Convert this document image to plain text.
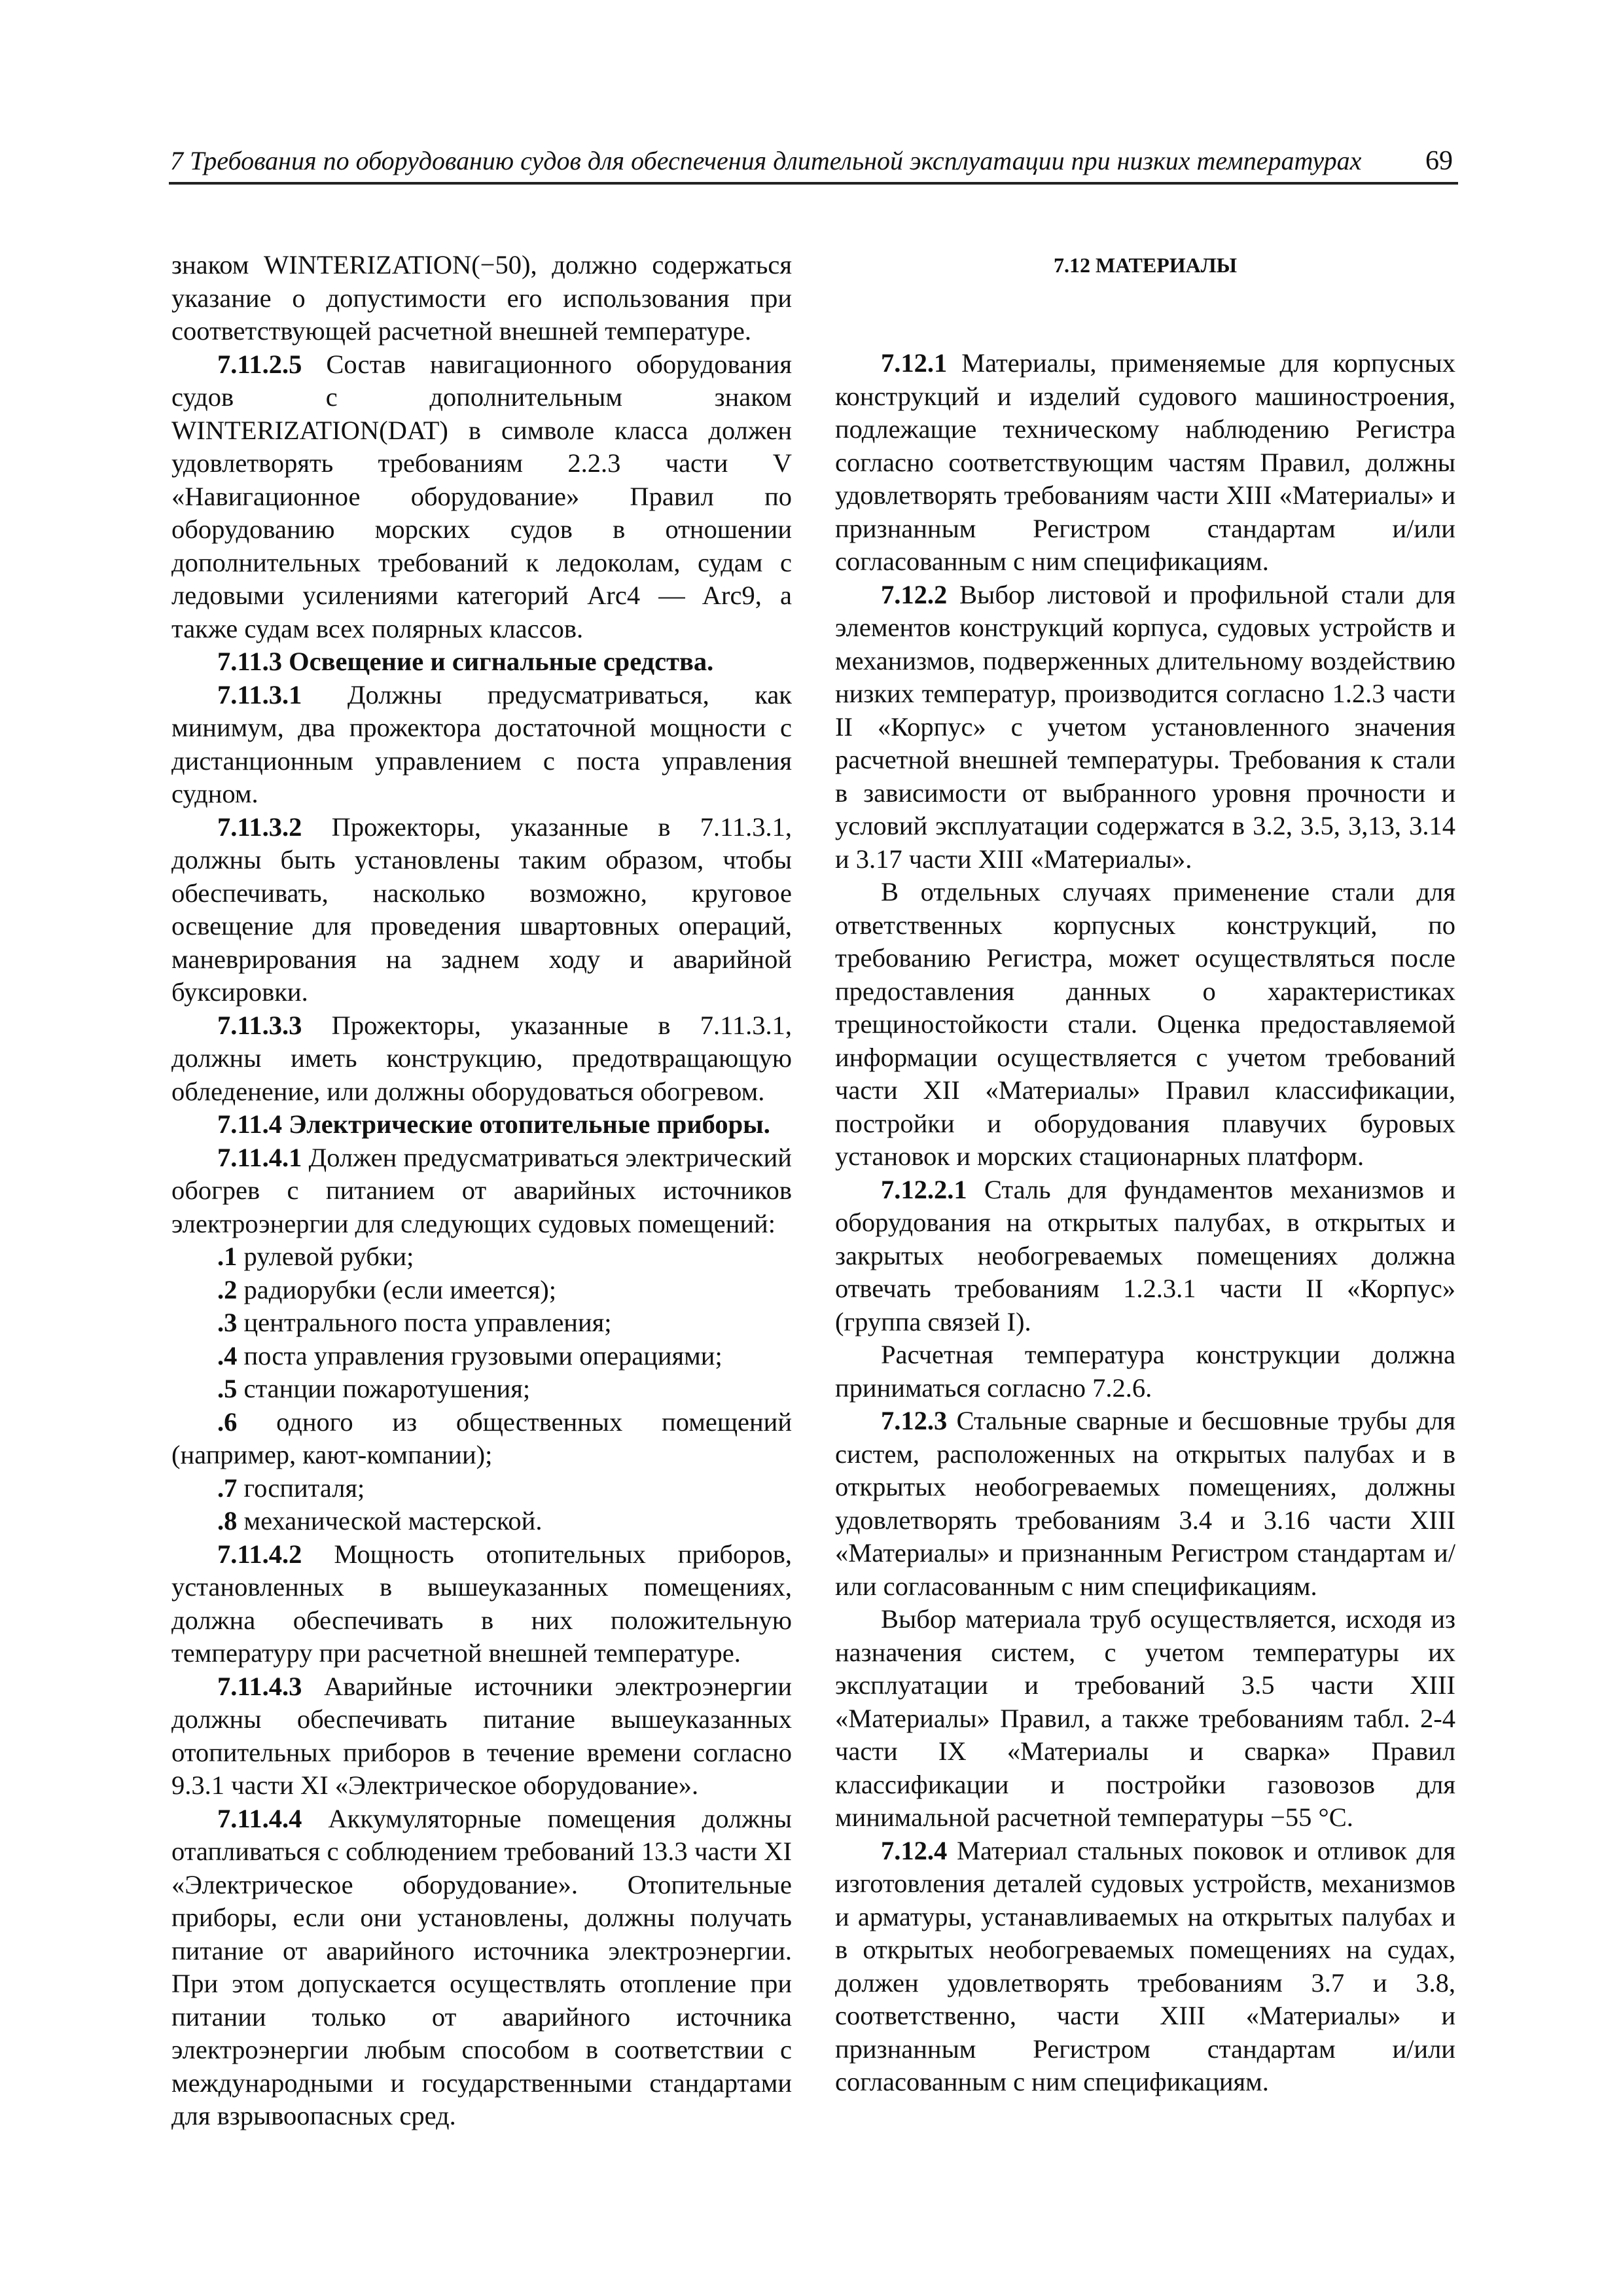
7 Требования по оборудованию судов для обеспечения длительной эксплуатации при низких температурах 69

знаком WINTERIZATION(−50), должно содержаться указание о допустимости его использования при соответствующей расчетной внешней температуре.

7.11.2.5 Состав навигационного оборудования судов с дополнительным знаком WINTERIZATION(DAT) в символе класса должен удовлетворять требованиям 2.2.3 части V «Навигационное оборудование» Правил по оборудованию морских судов в отношении дополнительных требований к ледоколам, судам с ледовыми усилениями категорий Arc4 — Arc9, а также судам всех полярных классов.

7.11.3 Освещение и сигнальные средства.

7.11.3.1 Должны предусматриваться, как минимум, два прожектора достаточной мощности с дистанционным управлением с поста управления судном.

7.11.3.2 Прожекторы, указанные в 7.11.3.1, должны быть установлены таким образом, чтобы обеспечивать, насколько возможно, круговое освещение для проведения швартовных операций, маневрирования на заднем ходу и аварийной буксировки.

7.11.3.3 Прожекторы, указанные в 7.11.3.1, должны иметь конструкцию, предотвращающую обледенение, или должны оборудоваться обогревом.

7.11.4 Электрические отопительные приборы.

7.11.4.1 Должен предусматриваться электрический обогрев с питанием от аварийных источников электроэнергии для следующих судовых помещений:

.1 рулевой рубки;

.2 радиорубки (если имеется);

.3 центрального поста управления;

.4 поста управления грузовыми операциями;

.5 станции пожаротушения;

.6 одного из общественных помещений (например, кают-компании);

.7 госпиталя;

.8 механической мастерской.

7.11.4.2 Мощность отопительных приборов, установленных в вышеуказанных помещениях, должна обеспечивать в них положительную температуру при расчетной внешней температуре.

7.11.4.3 Аварийные источники электроэнергии должны обеспечивать питание вышеуказанных отопительных приборов в течение времени согласно 9.3.1 части XI «Электрическое оборудование».

7.11.4.4 Аккумуляторные помещения должны отапливаться с соблюдением требований 13.3 части XI «Электрическое оборудование». Отопительные приборы, если они установлены, должны получать питание от аварийного источника электроэнергии. При этом допускается осуществлять отопление при питании только от аварийного источника электроэнергии любым способом в соответствии с международными и государственными стандартами для взрывоопасных сред.

7.12 МАТЕРИАЛЫ

7.12.1 Материалы, применяемые для корпусных конструкций и изделий судового машиностроения, подлежащие техническому наблюдению Регистра согласно соответствующим частям Правил, должны удовлетворять требованиям части XIII «Материалы» и признанным Регистром стандартам и/или согласованным с ним спецификациям.

7.12.2 Выбор листовой и профильной стали для элементов конструкций корпуса, судовых устройств и механизмов, подверженных длительному воздействию низких температур, производится согласно 1.2.3 части II «Корпус» с учетом установленного значения расчетной внешней температуры. Требования к стали в зависимости от выбранного уровня прочности и условий эксплуатации содержатся в 3.2, 3.5, 3,13, 3.14 и 3.17 части XIII «Материалы».

В отдельных случаях применение стали для ответственных корпусных конструкций, по требованию Регистра, может осуществляться после предоставления данных о характеристиках трещиностойкости стали. Оценка предоставляемой информации осуществляется с учетом требований части XII «Материалы» Правил классификации, постройки и оборудования плавучих буровых установок и морских стационарных платформ.

7.12.2.1 Сталь для фундаментов механизмов и оборудования на открытых палубах, в открытых и закрытых необогреваемых помещениях должна отвечать требованиям 1.2.3.1 части II «Корпус» (группа связей I).

Расчетная температура конструкции должна приниматься согласно 7.2.6.

7.12.3 Стальные сварные и бесшовные трубы для систем, расположенных на открытых палубах и в открытых необогреваемых помещениях, должны удовлетворять требованиям 3.4 и 3.16 части XIII «Материалы» и признанным Регистром стандартам и/или согласованным с ним спецификациям.

Выбор материала труб осуществляется, исходя из назначения систем, с учетом температуры их эксплуатации и требований 3.5 части XIII «Материалы» Правил, а также требованиям табл. 2-4 части IX «Материалы и сварка» Правил классификации и постройки газовозов для минимальной расчетной температуры −55 °С.

7.12.4 Материал стальных поковок и отливок для изготовления деталей судовых устройств, механизмов и арматуры, устанавливаемых на открытых палубах и в открытых необогреваемых помещениях на судах, должен удовлетворять требованиям 3.7 и 3.8, соответственно, части XIII «Материалы» и признанным Регистром стандартам и/или согласованным с ним спецификациям.
